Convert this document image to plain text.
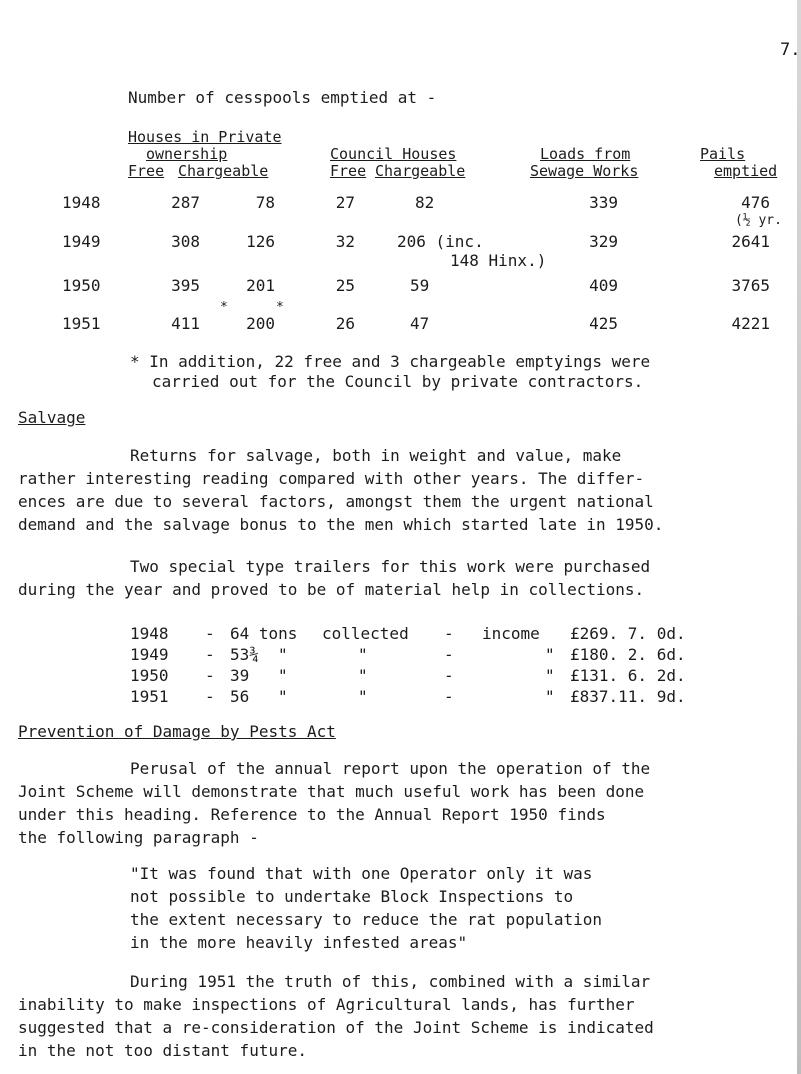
7.
Number of cesspools emptied at -
Houses in Private
ownership	Council Houses	Loads from	Pails
Free Chargeable	Free Chargeable	Sewage Works	emptied
1948	287	78	27	82	339	476
(½ yr.
1949	308	126	32	206 (inc.	329	2641
148 Hinx.)
1950	395	201	25	59	409	3765
*	*
1951	411	200	26	47	425	4221
* In addition, 22 free and 3 chargeable emptyings were
carried out for the Council by private contractors.
Salvage
Returns for salvage, both in weight and value, make
rather interesting reading compared with other years. The differ-
ences are due to several factors, amongst them the urgent national
demand and the salvage bonus to the men which started late in 1950.
Two special type trailers for this work were purchased
during the year and proved to be of material help in collections.
1948 - 64 tons collected - income £269. 7. 0d.
1949 - 53¾ "	"	-	" £180. 2. 6d.
1950 - 39 "	"	-	" £131. 6. 2d.
1951 - 56 "	"	-	" £837.11. 9d.
Prevention of Damage by Pests Act
Perusal of the annual report upon the operation of the
Joint Scheme will demonstrate that much useful work has been done
under this heading. Reference to the Annual Report 1950 finds
the following paragraph -
"It was found that with one Operator only it was
not possible to undertake Block Inspections to
the extent necessary to reduce the rat population
in the more heavily infested areas"
During 1951 the truth of this, combined with a similar
inability to make inspections of Agricultural lands, has further
suggested that a re-consideration of the Joint Scheme is indicated
in the not too distant future.
